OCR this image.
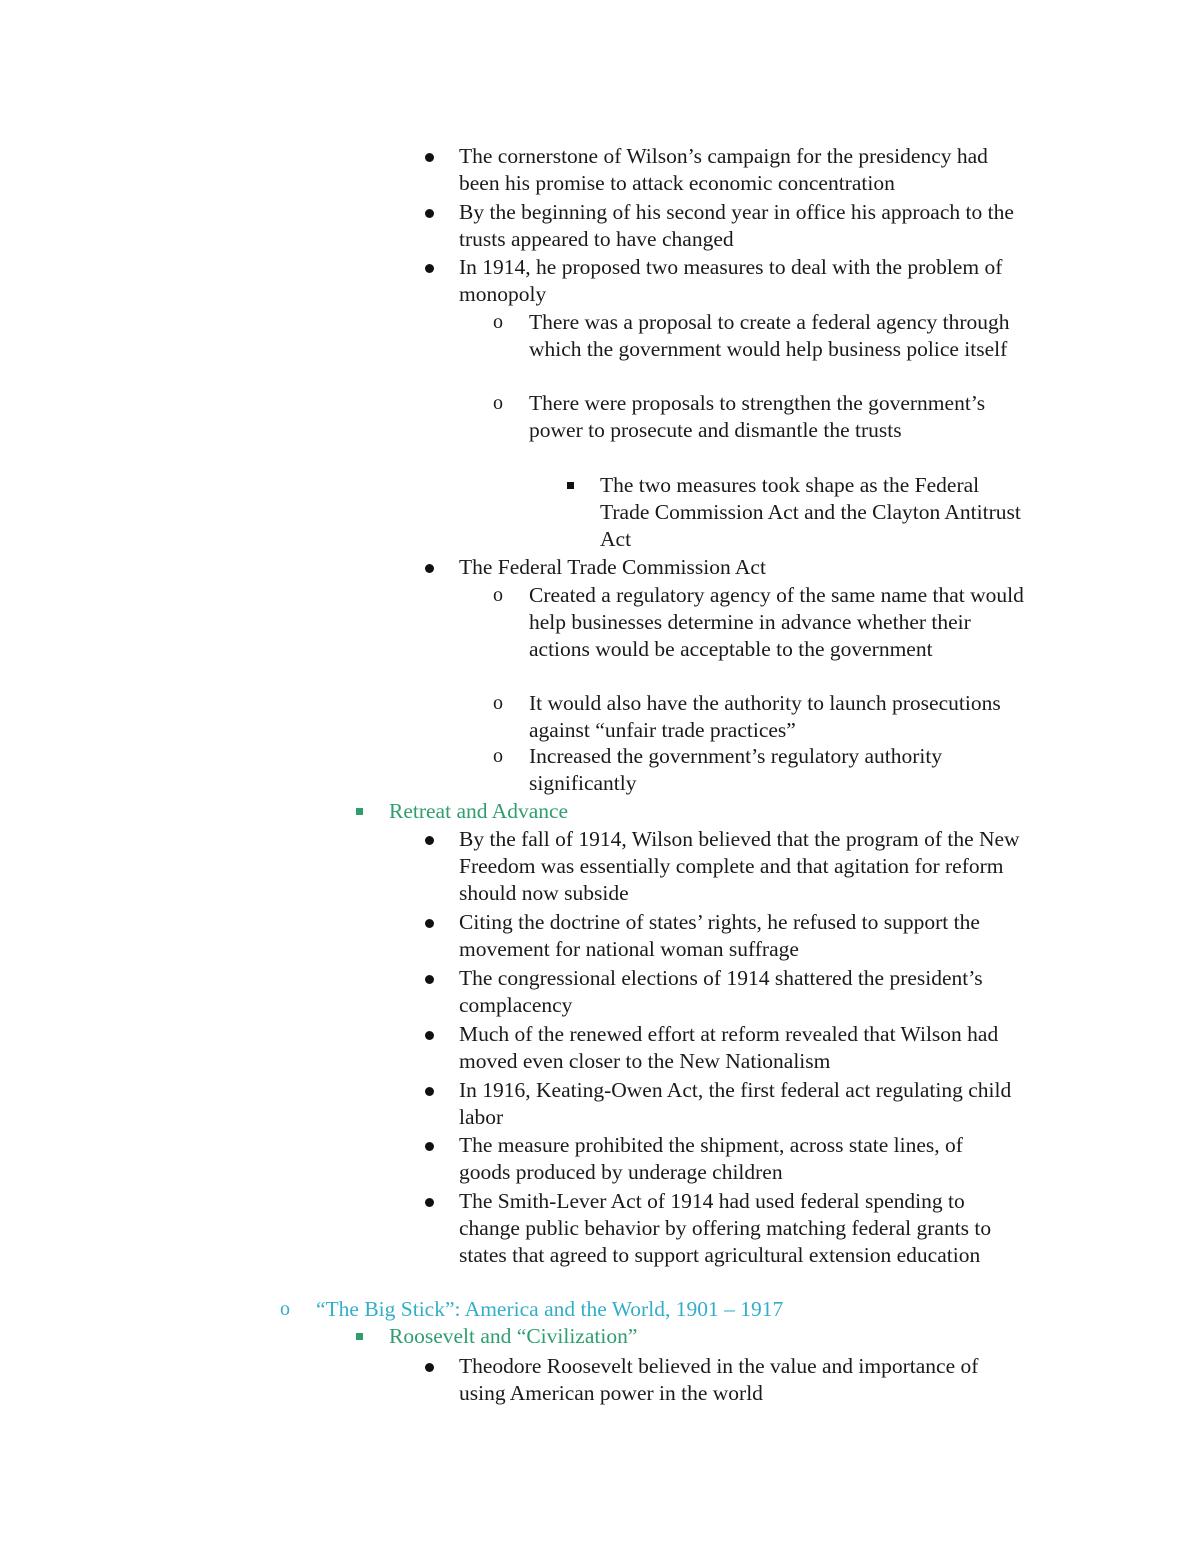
The cornerstone of Wilson’s campaign for the presidency had been his promise to attack economic concentration
By the beginning of his second year in office his approach to the trusts appeared to have changed
In 1914, he proposed two measures to deal with the problem of monopoly
o There was a proposal to create a federal agency through which the government would help business police itself
o There were proposals to strengthen the government’s power to prosecute and dismantle the trusts
The two measures took shape as the Federal Trade Commission Act and the Clayton Antitrust Act
The Federal Trade Commission Act
o Created a regulatory agency of the same name that would help businesses determine in advance whether their actions would be acceptable to the government
o It would also have the authority to launch prosecutions against “unfair trade practices”
o Increased the government’s regulatory authority significantly
Retreat and Advance
By the fall of 1914, Wilson believed that the program of the New Freedom was essentially complete and that agitation for reform should now subside
Citing the doctrine of states’ rights, he refused to support the movement for national woman suffrage
The congressional elections of 1914 shattered the president’s complacency
Much of the renewed effort at reform revealed that Wilson had moved even closer to the New Nationalism
In 1916, Keating-Owen Act, the first federal act regulating child labor
The measure prohibited the shipment, across state lines, of goods produced by underage children
The Smith-Lever Act of 1914 had used federal spending to change public behavior by offering matching federal grants to states that agreed to support agricultural extension education
o “The Big Stick”: America and the World, 1901 – 1917
Roosevelt and “Civilization”
Theodore Roosevelt believed in the value and importance of using American power in the world
